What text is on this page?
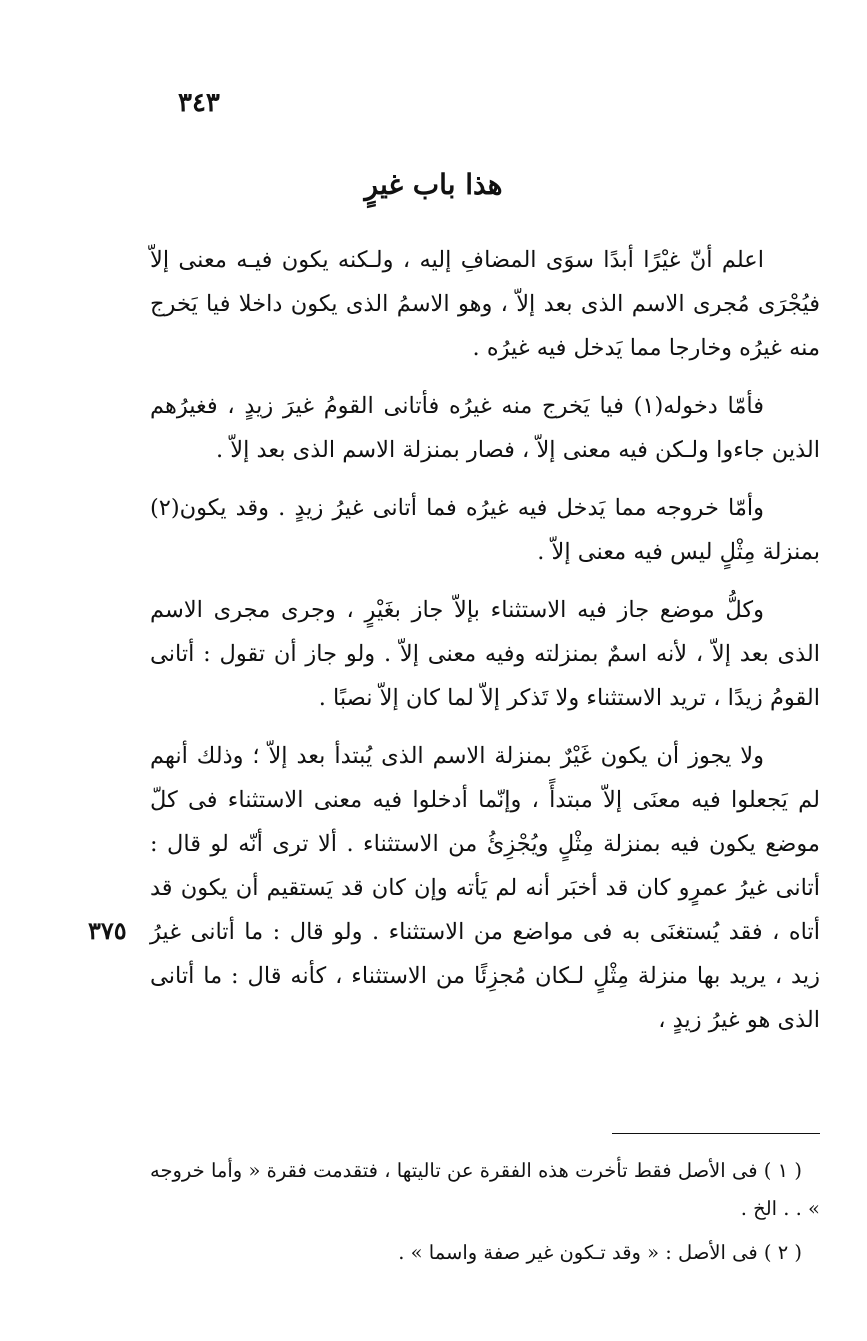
٣٤٣
هذا باب غيرٍ
٣٧٥

اعلم أنّ غيْرًا أبدًا سوَى المضافِ إليه ، ولـكنه يكون فيـه معنى إلاّ فيُجْرَى مُجرى الاسم الذى بعد إلاّ ، وهو الاسمُ الذى يكون داخلا فيا يَخرج منه غيرُه وخارجا مما يَدخل فيه غيرُه .

فأمّا دخوله(١) فيا يَخرج منه غيرُه فأتانى القومُ غيرَ زيدٍ ، فغيرُهم الذين جاءوا ولـكن فيه معنى إلاّ ، فصار بمنزلة الاسم الذى بعد إلاّ .

وأمّا خروجه مما يَدخل فيه غيرُه فما أتانى غيرُ زيدٍ . وقد يكون(٢) بمنزلة مِثْلٍ ليس فيه معنى إلاّ .

وكلُّ موضع جاز فيه الاستثناء بإلاّ جاز بغَيْرٍ ، وجرى مجرى الاسم الذى بعد إلاّ ، لأنه اسمٌ بمنزلته وفيه معنى إلاّ . ولو جاز أن تقول : أتانى القومُ زيدًا ، تريد الاستثناء ولا تَذكر إلاّ لما كان إلاّ نصبًا .

ولا يجوز أن يكون غَيْرٌ بمنزلة الاسم الذى يُبتدأ بعد إلاّ ؛ وذلك أنهم لم يَجعلوا فيه معنَى إلاّ مبتدأً ، وإنّما أدخلوا فيه معنى الاستثناء فى كلّ موضع يكون فيه بمنزلة مِثْلٍ ويُجْزِئُ من الاستثناء . ألا ترى أنّه لو قال : أتانى غيرُ عمرٍو كان قد أخبَر أنه لم يَأته وإن كان قد يَستقيم أن يكون قد أتاه ، فقد يُستغنَى به فى مواضع من الاستثناء . ولو قال : ما أتانى غيرُ زيد ، يريد بها منزلة مِثْلٍ لـكان مُجزِئًا من الاستثناء ، كأنه قال : ما أتانى الذى هو غيرُ زيدٍ ،

( ١ ) فى الأصل فقط تأخرت هذه الفقرة عن تاليتها ، فتقدمت فقرة « وأما خروجه » . . الخ .

( ٢ ) فى الأصل : « وقد تـكون غير صفة واسما » .
